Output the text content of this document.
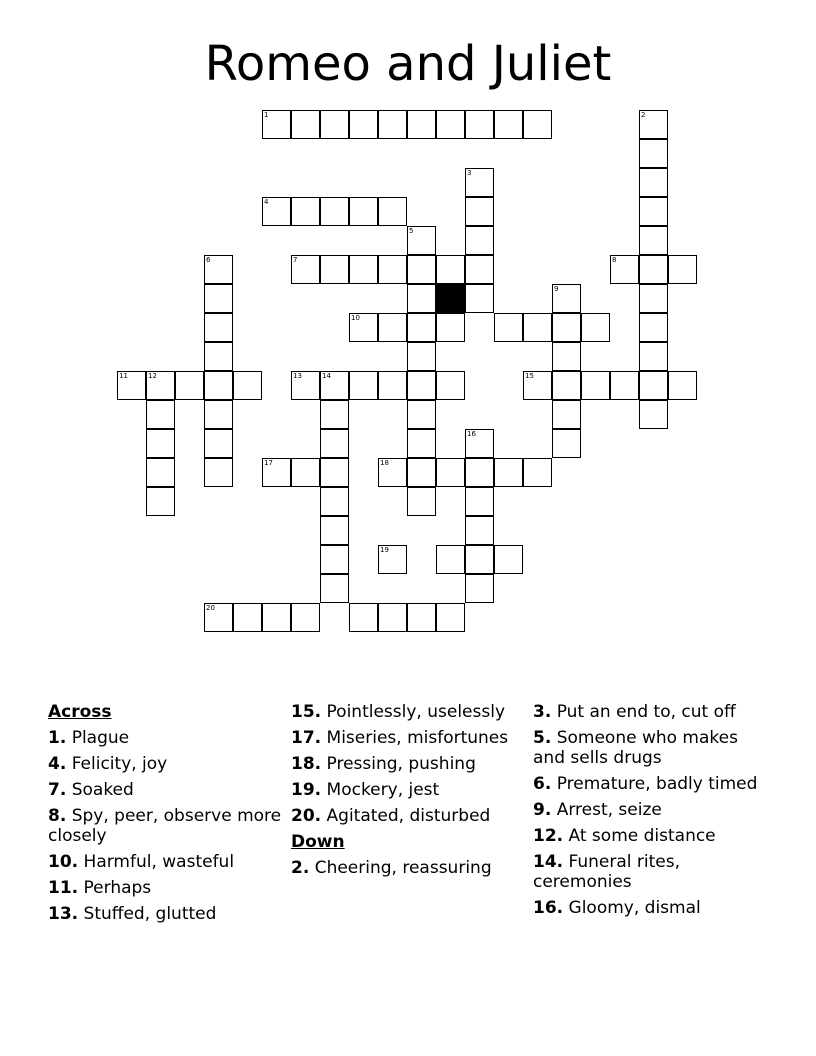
Romeo and Juliet
1	2
3
4
5
6	7	8
9
10
11	12	13	14	15
16
17	18
19
20
Across
1. Plague
4. Felicity, joy
7. Soaked
8. Spy, peer, observe more closely
10. Harmful, wasteful
11. Perhaps
13. Stuffed, glutted
15. Pointlessly, uselessly
17. Miseries, misfortunes
18. Pressing, pushing
19. Mockery, jest
20. Agitated, disturbed
Down
2. Cheering, reassuring
3. Put an end to, cut off
5. Someone who makes and sells drugs
6. Premature, badly timed
9. Arrest, seize
12. At some distance
14. Funeral rites, ceremonies
16. Gloomy, dismal
